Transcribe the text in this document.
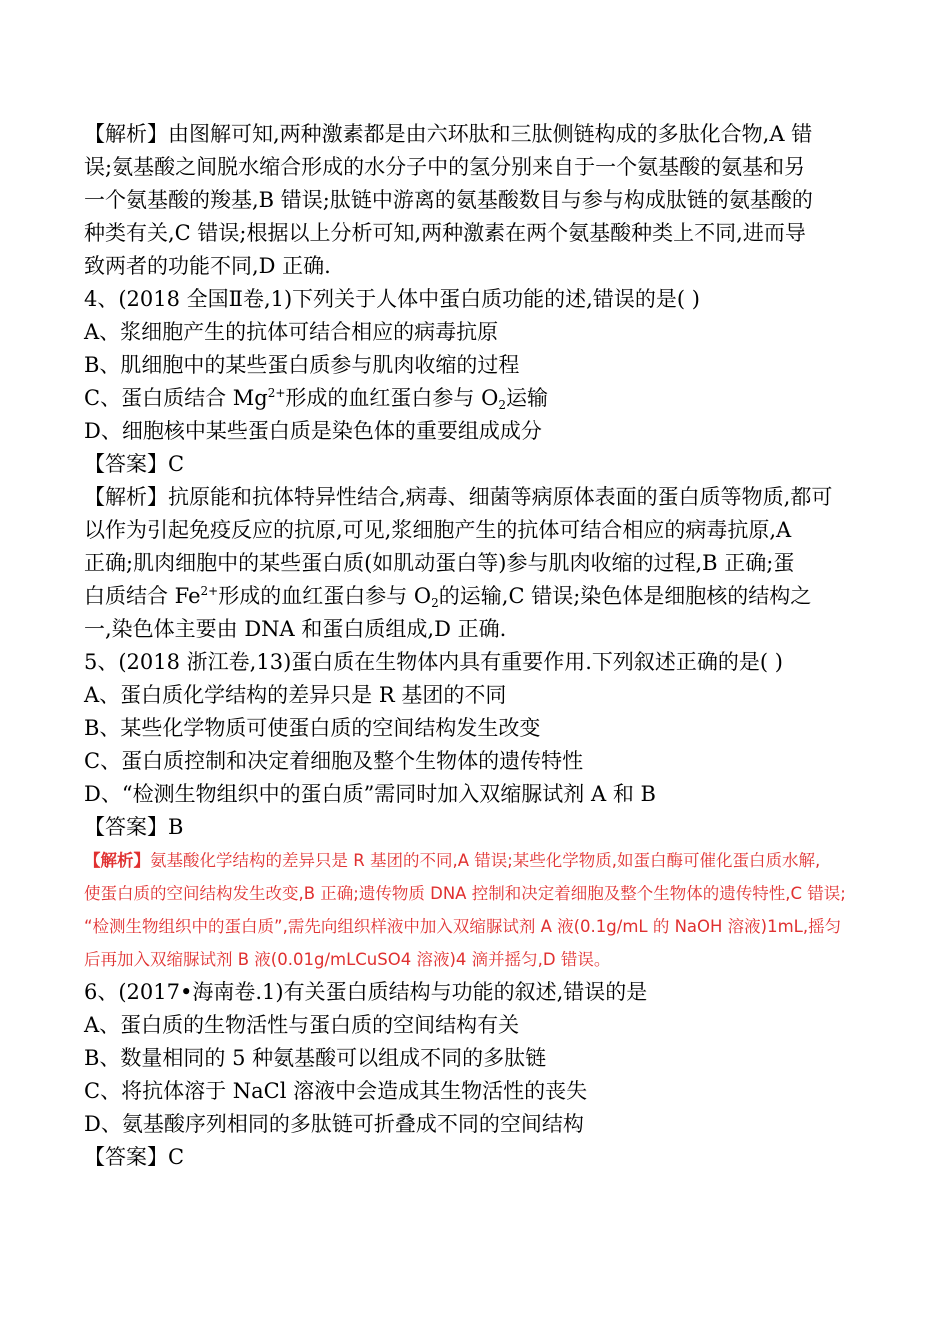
【解析】由图解可知,两种激素都是由六环肽和三肽侧链构成的多肽化合物,A 错

误;氨基酸之间脱水缩合形成的水分子中的氢分别来自于一个氨基酸的氨基和另

一个氨基酸的羧基,B 错误;肽链中游离的氨基酸数目与参与构成肽链的氨基酸的

种类有关,C 错误;根据以上分析可知,两种激素在两个氨基酸种类上不同,进而导

致两者的功能不同,D 正确.

4、(2018 全国Ⅱ卷,1)下列关于人体中蛋白质功能的述,错误的是( )

A、浆细胞产生的抗体可结合相应的病毒抗原

B、肌细胞中的某些蛋白质参与肌肉收缩的过程

C、蛋白质结合 $Mg^{2+}$形成的血红蛋白参与 $O_2$运输

D、细胞核中某些蛋白质是染色体的重要组成成分

【答案】C

【解析】抗原能和抗体特异性结合,病毒、细菌等病原体表面的蛋白质等物质,都可

以作为引起免疫反应的抗原,可见,浆细胞产生的抗体可结合相应的病毒抗原,A

正确;肌肉细胞中的某些蛋白质(如肌动蛋白等)参与肌肉收缩的过程,B 正确;蛋

白质结合 $Fe^{2+}$形成的血红蛋白参与 $O_2$的运输,C 错误;染色体是细胞核的结构之

一,染色体主要由 DNA 和蛋白质组成,D 正确.

5、(2018 浙江卷,13)蛋白质在生物体内具有重要作用.下列叙述正确的是( )

A、蛋白质化学结构的差异只是 R 基团的不同

B、某些化学物质可使蛋白质的空间结构发生改变

C、蛋白质控制和决定着细胞及整个生物体的遗传特性

D、“检测生物组织中的蛋白质”需同时加入双缩脲试剂 A 和 B

【答案】B

【解析】氨基酸化学结构的差异只是 R 基团的不同,A 错误;某些化学物质,如蛋白酶可催化蛋白质水解,

使蛋白质的空间结构发生改变,B 正确;遗传物质 DNA 控制和决定着细胞及整个生物体的遗传特性,C 错误;

“检测生物组织中的蛋白质”,需先向组织样液中加入双缩脲试剂 A 液(0.1g/mL 的 NaOH 溶液)1mL,摇匀

后再加入双缩脲试剂 B 液(0.01g/mLCuSO4 溶液)4 滴并摇匀,D 错误。

6、(2017•海南卷.1)有关蛋白质结构与功能的叙述,错误的是

A、蛋白质的生物活性与蛋白质的空间结构有关

B、数量相同的 5 种氨基酸可以组成不同的多肽链

C、将抗体溶于 NaCl 溶液中会造成其生物活性的丧失

D、氨基酸序列相同的多肽链可折叠成不同的空间结构

【答案】C
